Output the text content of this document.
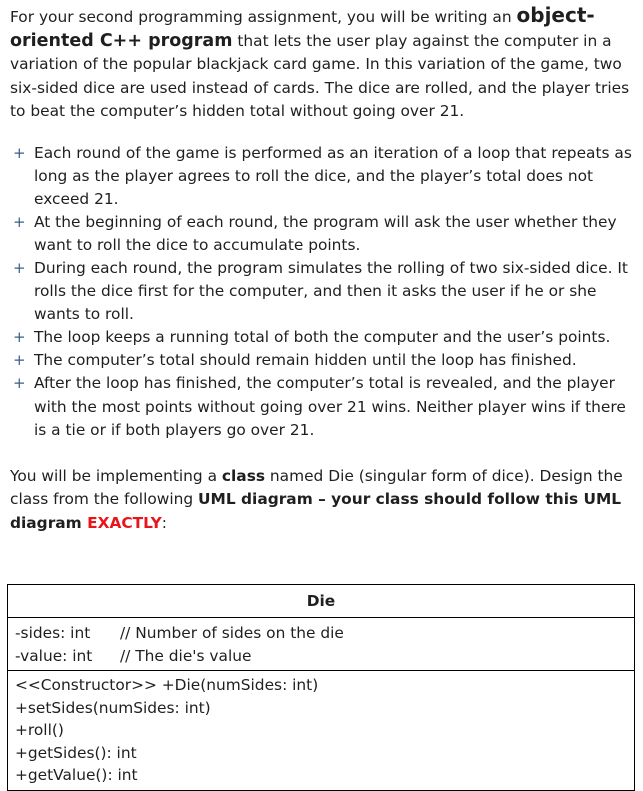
For your second programming assignment, you will be writing an object-
oriented C++ program that lets the user play against the computer in a variation of the popular blackjack card game. In this variation of the game, two six-sided dice are used instead of cards. The dice are rolled, and the player tries to beat the computer’s hidden total without going over 21.

+ Each round of the game is performed as an iteration of a loop that repeats as long as the player agrees to roll the dice, and the player’s total does not exceed 21.
+ At the beginning of each round, the program will ask the user whether they want to roll the dice to accumulate points.
+ During each round, the program simulates the rolling of two six-sided dice. It rolls the dice first for the computer, and then it asks the user if he or she wants to roll.
+ The loop keeps a running total of both the computer and the user’s points.
+ The computer’s total should remain hidden until the loop has finished.
+ After the loop has finished, the computer’s total is revealed, and the player with the most points without going over 21 wins. Neither player wins if there is a tie or if both players go over 21.

You will be implementing a class named Die (singular form of dice). Design the class from the following UML diagram – your class should follow this UML diagram EXACTLY:

Die

-sides: int // Number of sides on the die
-value: int // The die's value

<<Constructor>> +Die(numSides: int)
+setSides(numSides: int)
+roll()
+getSides(): int
+getValue(): int
